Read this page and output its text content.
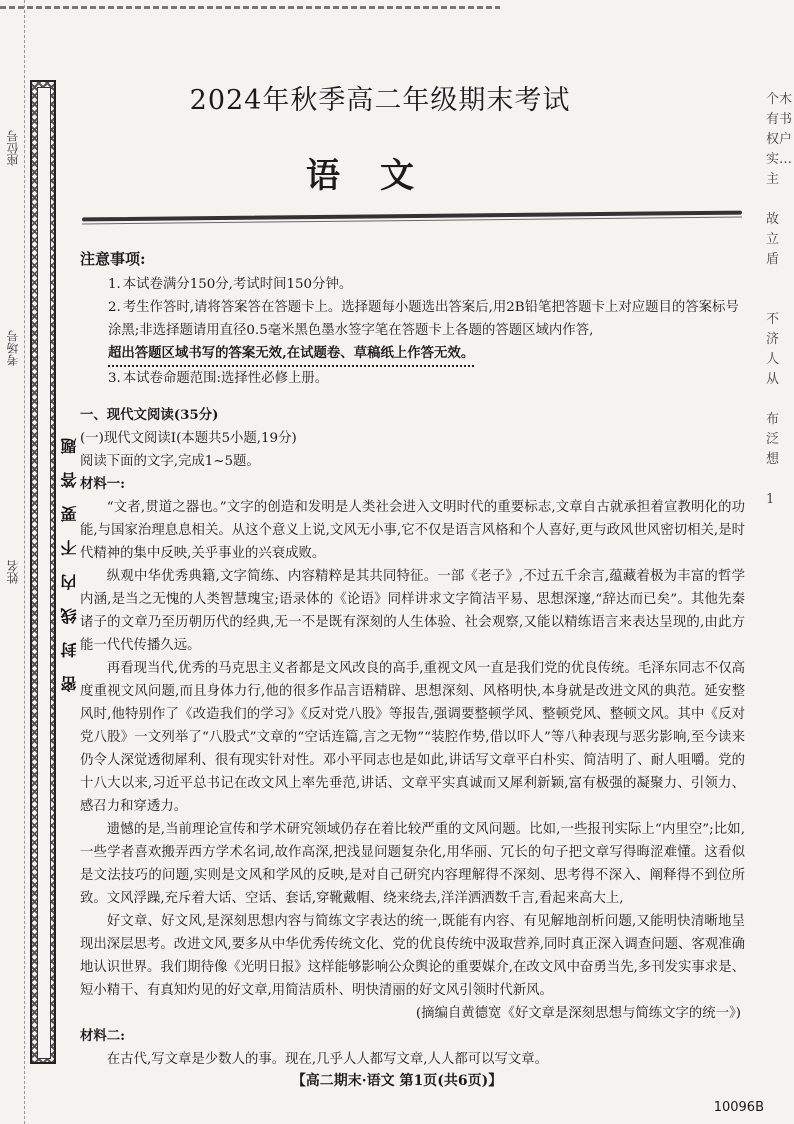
座位号
考场号
姓名	密封线内不要答题
个木
有书
权户
实…
主

故
立
盾

不
济
人
从

布
泛
想

1
2024年秋季高二年级期末考试
语文
注意事项:
1. 本试卷满分150分,考试时间150分钟。
2. 考生作答时,请将答案答在答题卡上。选择题每小题选出答案后,用2B铅笔把答题卡上对应题目的答案标号涂黑;非选择题请用直径0.5毫米黑色墨水签字笔在答题卡上各题的答题区域内作答,超出答题区域书写的答案无效,在试题卷、草稿纸上作答无效。
3. 本试卷命题范围:选择性必修上册。
一、现代文阅读(35分)
(一)现代文阅读Ⅰ(本题共5小题,19分)
阅读下面的文字,完成1~5题。
材料一:
“文者,贯道之器也。”文字的创造和发明是人类社会进入文明时代的重要标志,文章自古就承担着宣教明化的功能,与国家治理息息相关。从这个意义上说,文风无小事,它不仅是语言风格和个人喜好,更与政风世风密切相关,是时代精神的集中反映,关乎事业的兴衰成败。
纵观中华优秀典籍,文字简练、内容精粹是其共同特征。一部《老子》,不过五千余言,蕴藏着极为丰富的哲学内涵,是当之无愧的人类智慧瑰宝;语录体的《论语》同样讲求文字简洁平易、思想深邃,“辞达而已矣”。其他先秦诸子的文章乃至历朝历代的经典,无一不是既有深刻的人生体验、社会观察,又能以精练语言来表达呈现的,由此方能一代代传播久远。
再看现当代,优秀的马克思主义者都是文风改良的高手,重视文风一直是我们党的优良传统。毛泽东同志不仅高度重视文风问题,而且身体力行,他的很多作品言语精辟、思想深刻、风格明快,本身就是改进文风的典范。延安整风时,他特别作了《改造我们的学习》《反对党八股》等报告,强调要整顿学风、整顿党风、整顿文风。其中《反对党八股》一文列举了“八股式”文章的“空话连篇,言之无物”“装腔作势,借以吓人”等八种表现与恶劣影响,至今读来仍令人深觉透彻犀利、很有现实针对性。邓小平同志也是如此,讲话写文章平白朴实、简洁明了、耐人咀嚼。党的十八大以来,习近平总书记在改文风上率先垂范,讲话、文章平实真诚而又犀利新颖,富有极强的凝聚力、引领力、感召力和穿透力。
遗憾的是,当前理论宣传和学术研究领域仍存在着比较严重的文风问题。比如,一些报刊实际上“内里空”;比如,一些学者喜欢搬弄西方学术名词,故作高深,把浅显问题复杂化,用华丽、冗长的句子把文章写得晦涩难懂。这看似是文法技巧的问题,实则是文风和学风的反映,是对自己研究内容理解得不深刻、思考得不深入、阐释得不到位所致。文风浮躁,充斥着大话、空话、套话,穿靴戴帽、绕来绕去,洋洋洒洒数千言,看起来高大上,
好文章、好文风,是深刻思想内容与简练文字表达的统一,既能有内容、有见解地剖析问题,又能明快清晰地呈现出深层思考。改进文风,要多从中华优秀传统文化、党的优良传统中汲取营养,同时真正深入调查问题、客观准确地认识世界。我们期待像《光明日报》这样能够影响公众舆论的重要媒介,在改文风中奋勇当先,多刊发实事求是、短小精干、有真知灼见的好文章,用简洁质朴、明快清丽的好文风引领时代新风。
(摘编自黄德宽《好文章是深刻思想与简练文字的统一》)
材料二:
在古代,写文章是少数人的事。现在,几乎人人都写文章,人人都可以写文章。
【高二期末·语文 第1页(共6页)】
10096B
